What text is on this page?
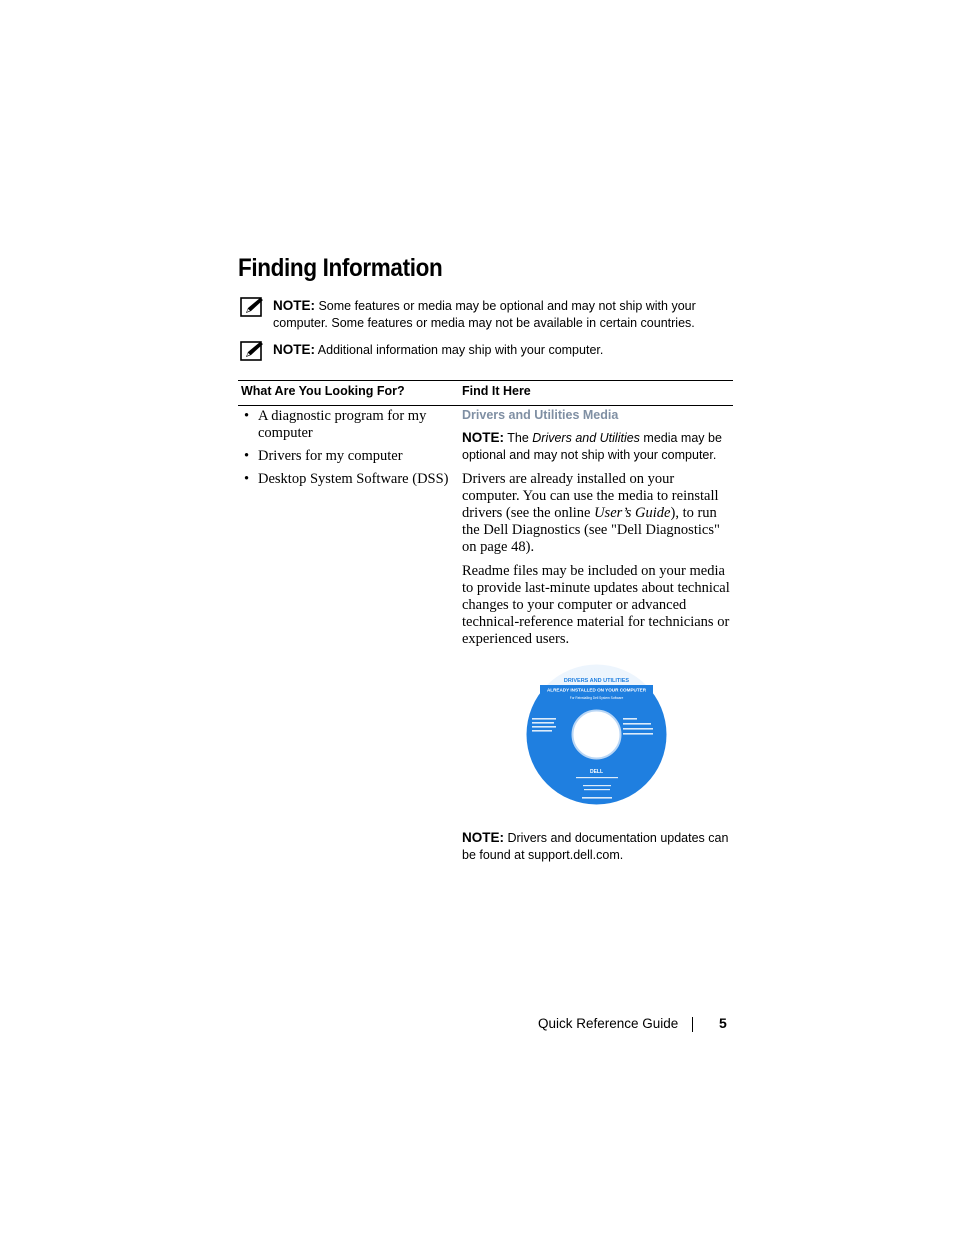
Finding Information
NOTE: Some features or media may be optional and may not ship with your computer. Some features or media may not be available in certain countries.
NOTE: Additional information may ship with your computer.
What Are You Looking For?	Find It Here
• A diagnostic program for my computer
• Drivers for my computer
• Desktop System Software (DSS)

Drivers and Utilities Media

NOTE: The Drivers and Utilities media may be optional and may not ship with your computer.

Drivers are already installed on your computer. You can use the media to reinstall drivers (see the online User’s Guide), to run the Dell Diagnostics (see "Dell Diagnostics" on page 48).

Readme files may be included on your media to provide last-minute updates about technical changes to your computer or advanced technical-reference material for technicians or experienced users.

DRIVERS AND UTILITIES
ALREADY INSTALLED ON YOUR COMPUTER
For Reinstalling Dell System Software
DELL

NOTE: Drivers and documentation updates can be found at support.dell.com.

Quick Reference Guide	5
